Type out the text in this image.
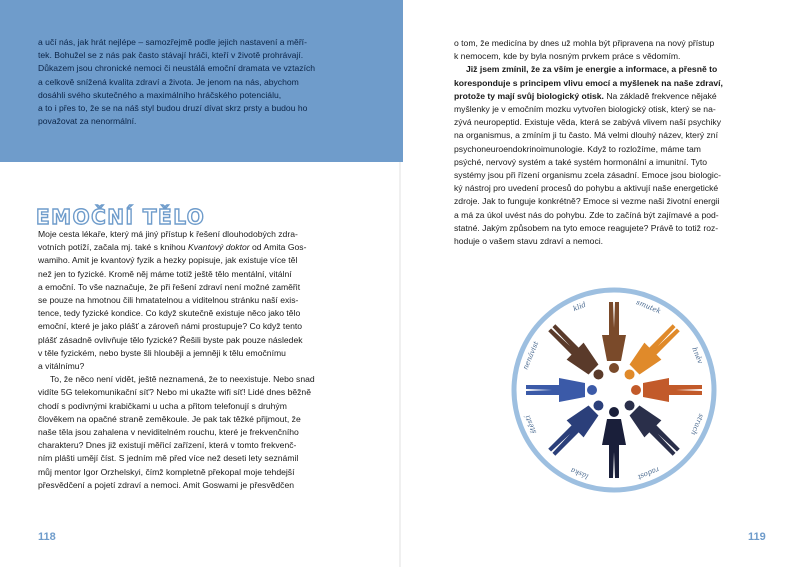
a učí nás, jak hrát nejlépe – samozřejmě podle jejich nastavení a měří-
tek. Bohužel se z nás pak často stávají hráči, kteří v životě prohrávají.
Důkazem jsou chronické nemoci či neustálá emoční dramata ve vztazích
a celkově snížená kvalita zdraví a života. Je jenom na nás, abychom
dosáhli svého skutečného a maximálního hráčského potenciálu,
a to i přes to, že se na náš styl budou druzí dívat skrz prsty a budou ho
považovat za nenormální.

EMOČNÍ TĚLO
Moje cesta lékaře, který má jiný přístup k řešení dlouhodobých zdra-
votních potíží, začala mj. také s knihou Kvantový doktor od Amita Gos-
wamiho. Amit je kvantový fyzik a hezky popisuje, jak existuje více těl
než jen to fyzické. Kromě něj máme totiž ještě tělo mentální, vitální
a emoční. To vše naznačuje, že při řešení zdraví není možné zaměřit
se pouze na hmotnou čili hmatatelnou a viditelnou stránku naší exis-
tence, tedy fyzické kondice. Co když skutečně existuje něco jako tělo
emoční, které je jako plášť a zároveň námi prostupuje? Co když tento
plášť zásadně ovlivňuje tělo fyzické? Řešili byste pak pouze následek
v těle fyzickém, nebo byste šli hlouběji a jemněji k tělu emočnímu
a vitálnímu?
To, že něco není vidět, ještě neznamená, že to neexistuje. Nebo snad
vidíte 5G telekomunikační síť? Nebo mi ukažte wifi síť! Lidé dnes běžně
chodí s podivnými krabičkami u ucha a přitom telefonují s druhým
člověkem na opačné straně zeměkoule. Je pak tak těžké přijmout, že
naše těla jsou zahalena v neviditelném rouchu, které je frekvenčního
charakteru? Dnes již existují měřicí zařízení, která v tomto frekvenč-
ním plášti umějí číst. S jedním mě před více než deseti lety seznámil
můj mentor Igor Orzhelskyi, čímž kompletně překopal moje tehdejší
přesvědčení a pojetí zdraví a nemoci. Amit Goswami je přesvědčen
118
o tom, že medicína by dnes už mohla být připravena na nový přístup
k nemocem, kde by byla nosným prvkem práce s vědomím.
Již jsem zmínil, že za vším je energie a informace, a přesně to
koresponduje s principem vlivu emocí a myšlenek na naše zdraví,
protože ty mají svůj biologický otisk. Na základě frekvence nějaké
myšlenky je v emočním mozku vytvořen biologický otisk, který se na-
zývá neuropeptid. Existuje věda, která se zabývá vlivem naší psychiky
na organismus, a zmíním ji tu často. Má velmi dlouhý název, který zní
psychoneuroendokrinoimunologie. Když to rozložíme, máme tam
psýché, nervový systém a také systém hormonální a imunitní. Tyto
systémy jsou při řízení organismu zcela zásadní. Emoce jsou biologic-
ký nástroj pro uvedení procesů do pohybu a aktivují naše energetické
zdroje. Jak to funguje konkrétně? Emoce si vezme naši životní energii
a má za úkol uvést nás do pohybu. Zde to začíná být zajímavé a pod-
statné. Jakým způsobem na tyto emoce reagujete? Právě to totiž roz-
hoduje o vašem stavu zdraví a nemoci.
smutek
hněv
strach
radost
láska
štěstí
nenávist
klid
119
